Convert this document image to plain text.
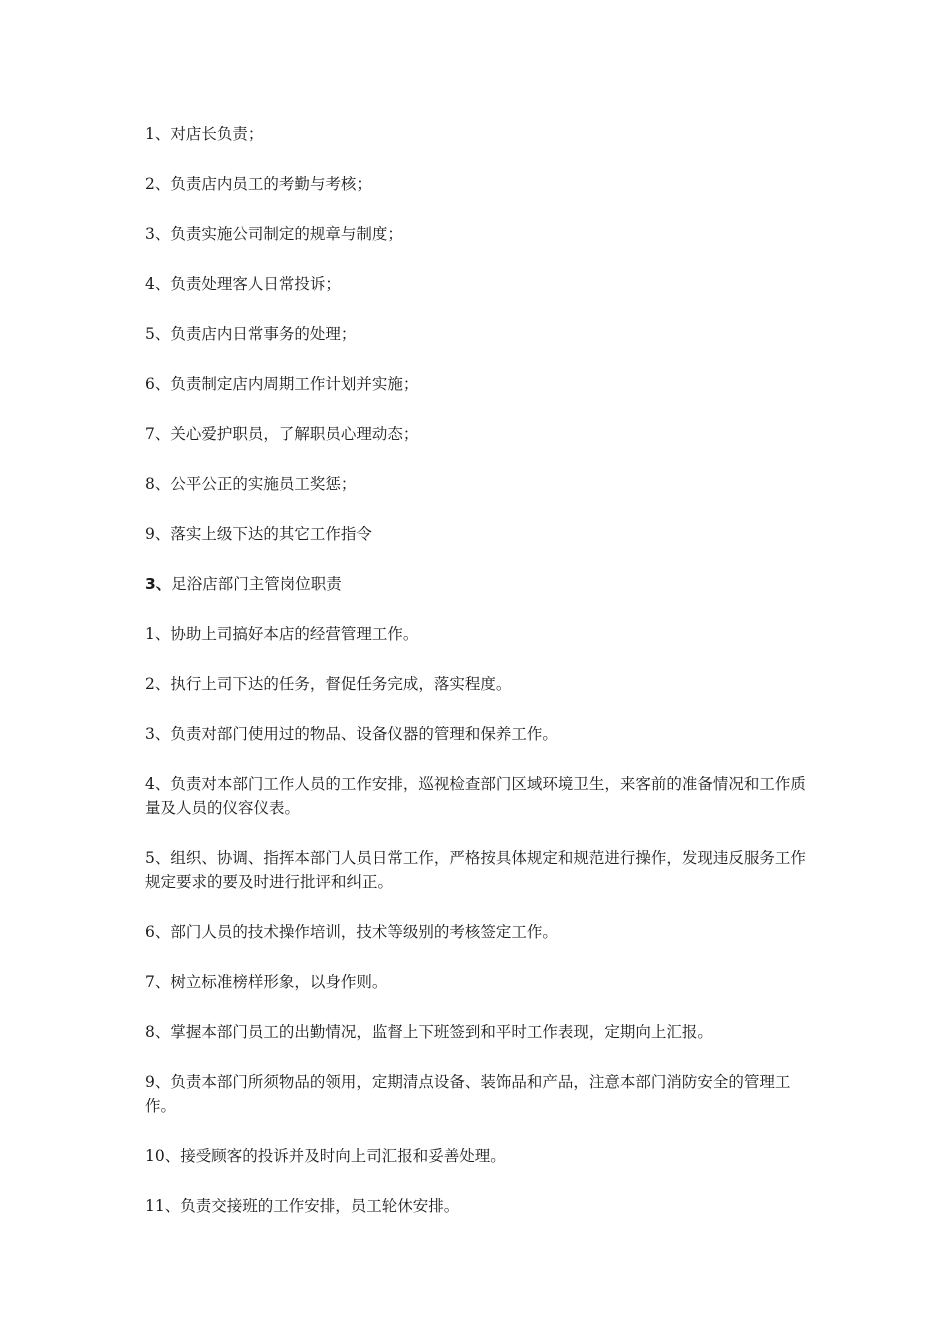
1、对店长负责；

2、负责店内员工的考勤与考核；

3、负责实施公司制定的规章与制度；

4、负责处理客人日常投诉；

5、负责店内日常事务的处理；

6、负责制定店内周期工作计划并实施；

7、关心爱护职员，了解职员心理动态；

8、公平公正的实施员工奖惩；

9、落实上级下达的其它工作指令

3、足浴店部门主管岗位职责

1、协助上司搞好本店的经营管理工作。

2、执行上司下达的任务，督促任务完成，落实程度。

3、负责对部门使用过的物品、设备仪器的管理和保养工作。

4、负责对本部门工作人员的工作安排，巡视检查部门区域环境卫生，来客前的准备情况和工作质量及人员的仪容仪表。

5、组织、协调、指挥本部门人员日常工作，严格按具体规定和规范进行操作，发现违反服务工作规定要求的要及时进行批评和纠正。

6、部门人员的技术操作培训，技术等级别的考核签定工作。

7、树立标准榜样形象，以身作则。

8、掌握本部门员工的出勤情况，监督上下班签到和平时工作表现，定期向上汇报。

9、负责本部门所须物品的领用，定期清点设备、装饰品和产品，注意本部门消防安全的管理工作。

10、接受顾客的投诉并及时向上司汇报和妥善处理。

11、负责交接班的工作安排，员工轮休安排。
